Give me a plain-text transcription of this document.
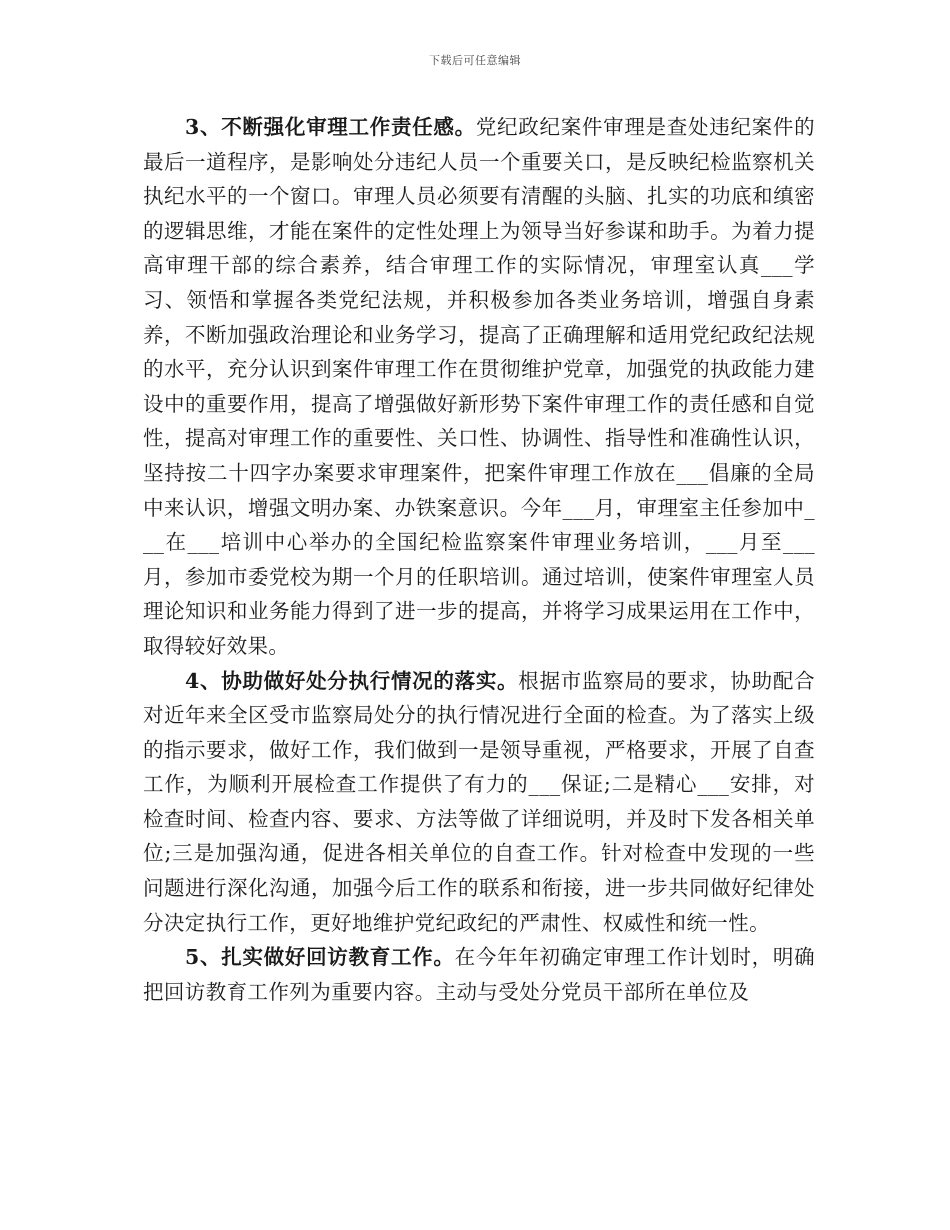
下载后可任意编辑

3、不断强化审理工作责任感。党纪政纪案件审理是查处违纪案件的最后一道程序，是影响处分违纪人员一个重要关口，是反映纪检监察机关执纪水平的一个窗口。审理人员必须要有清醒的头脑、扎实的功底和缜密的逻辑思维，才能在案件的定性处理上为领导当好参谋和助手。为着力提高审理干部的综合素养，结合审理工作的实际情况，审理室认真___学习、领悟和掌握各类党纪法规，并积极参加各类业务培训，增强自身素养，不断加强政治理论和业务学习，提高了正确理解和适用党纪政纪法规的水平，充分认识到案件审理工作在贯彻维护党章，加强党的执政能力建设中的重要作用，提高了增强做好新形势下案件审理工作的责任感和自觉性，提高对审理工作的重要性、关口性、协调性、指导性和准确性认识，坚持按二十四字办案要求审理案件，把案件审理工作放在___倡廉的全局中来认识，增强文明办案、办铁案意识。今年___月，审理室主任参加中___在___培训中心举办的全国纪检监察案件审理业务培训，___月至___月，参加市委党校为期一个月的任职培训。通过培训，使案件审理室人员理论知识和业务能力得到了进一步的提高，并将学习成果运用在工作中，取得较好效果。

4、协助做好处分执行情况的落实。根据市监察局的要求，协助配合对近年来全区受市监察局处分的执行情况进行全面的检查。为了落实上级的指示要求，做好工作，我们做到一是领导重视，严格要求，开展了自查工作，为顺利开展检查工作提供了有力的___保证;二是精心___安排，对检查时间、检查内容、要求、方法等做了详细说明，并及时下发各相关单位;三是加强沟通，促进各相关单位的自查工作。针对检查中发现的一些问题进行深化沟通，加强今后工作的联系和衔接，进一步共同做好纪律处分决定执行工作，更好地维护党纪政纪的严肃性、权威性和统一性。

5、扎实做好回访教育工作。在今年年初确定审理工作计划时，明确把回访教育工作列为重要内容。主动与受处分党员干部所在单位及
